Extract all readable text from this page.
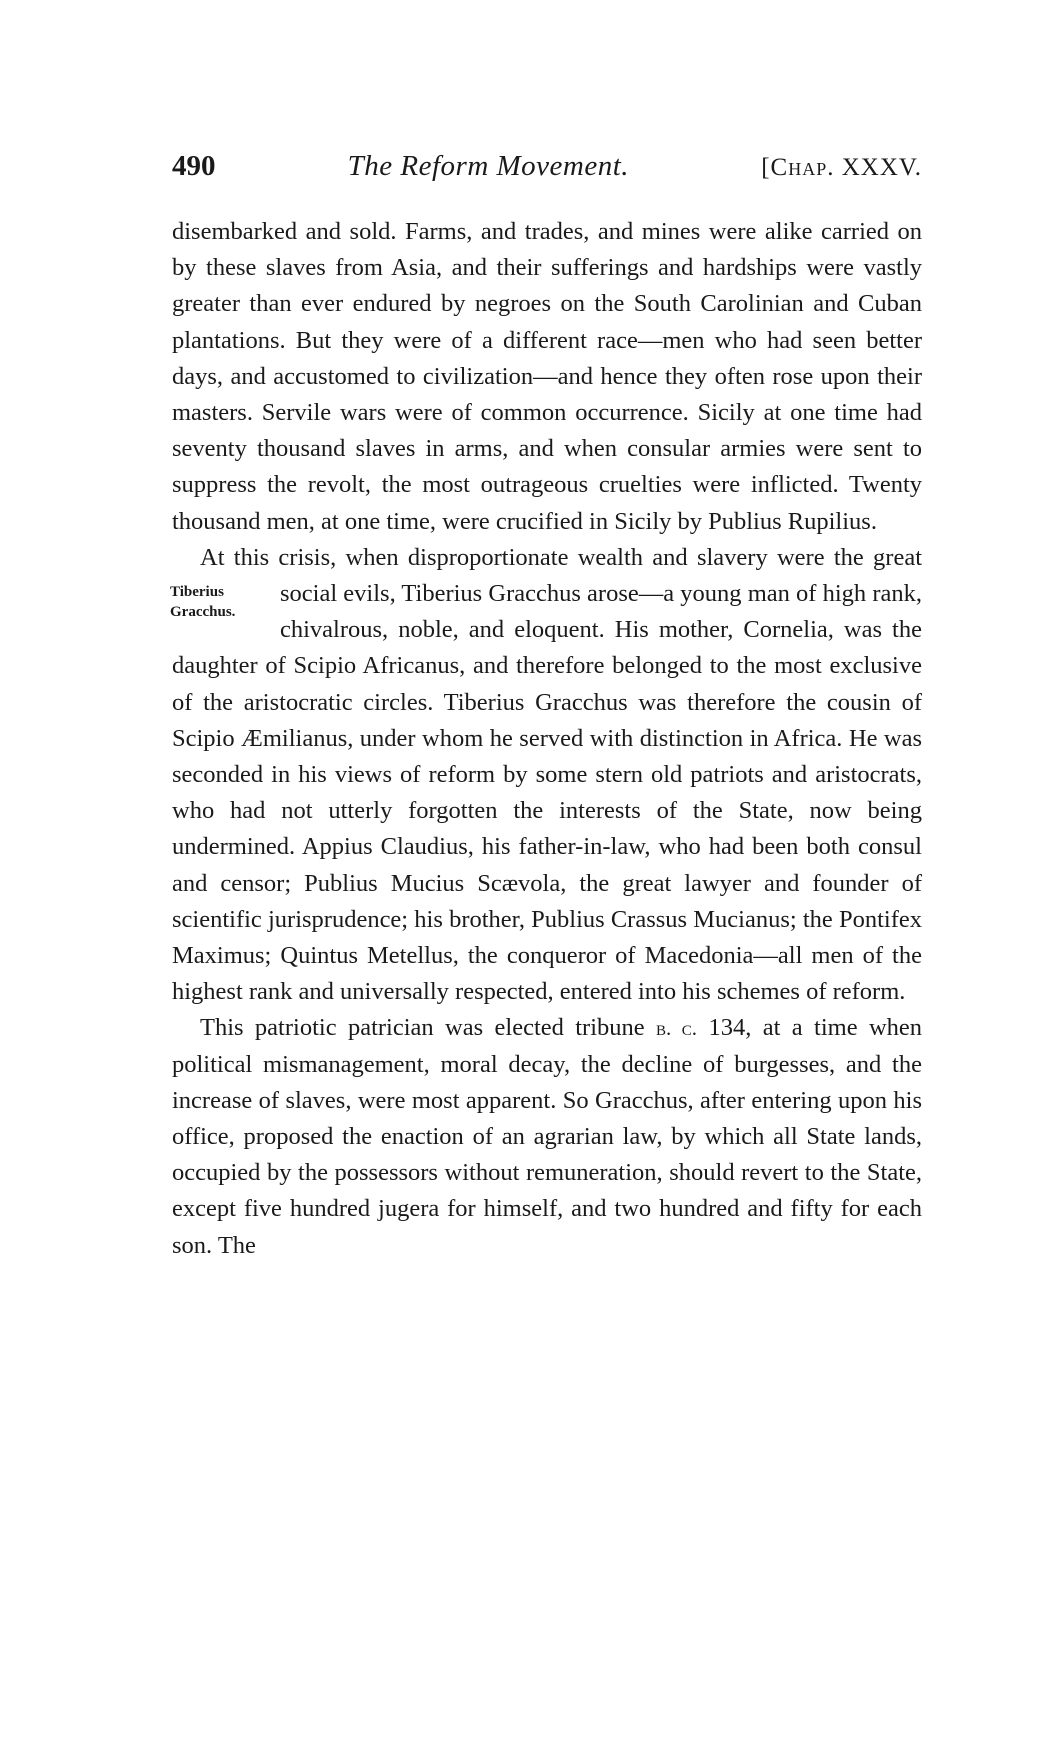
490	The Reform Movement.	[Chap. XXXV.

disembarked and sold. Farms, and trades, and mines were alike carried on by these slaves from Asia, and their sufferings and hardships were vastly greater than ever endured by negroes on the South Carolinian and Cuban plantations. But they were of a different race—men who had seen better days, and accustomed to civilization—and hence they often rose upon their masters. Servile wars were of common occurrence. Sicily at one time had seventy thousand slaves in arms, and when consular armies were sent to suppress the revolt, the most outrageous cruelties were inflicted. Twenty thousand men, at one time, were crucified in Sicily by Publius Rupilius.

At this crisis, when disproportionate wealth and slavery were the great social evils, Tiberius Gracchus arose—a young
Tiberius
Gracchus.
man of high rank, chivalrous, noble, and eloquent. His mother, Cornelia, was the daughter of Scipio Africanus, and therefore belonged to the most exclusive of the aristocratic circles. Tiberius Gracchus was therefore the cousin of Scipio Æmilianus, under whom he served with distinction in Africa. He was seconded in his views of reform by some stern old patriots and aristocrats, who had not utterly forgotten the interests of the State, now being undermined. Appius Claudius, his father-in-law, who had been both consul and censor; Publius Mucius Scævola, the great lawyer and founder of scientific jurisprudence; his brother, Publius Crassus Mucianus; the Pontifex Maximus; Quintus Metellus, the conqueror of Macedonia—all men of the highest rank and universally respected, entered into his schemes of reform.

This patriotic patrician was elected tribune b. c. 134, at a time when political mismanagement, moral decay, the decline of burgesses, and the increase of slaves, were most apparent. So Gracchus, after entering upon his office, proposed the enaction of an agrarian law, by which all State lands, occupied by the possessors without remuneration, should revert to the State, except five hundred jugera for himself, and two hundred and fifty for each son. The
